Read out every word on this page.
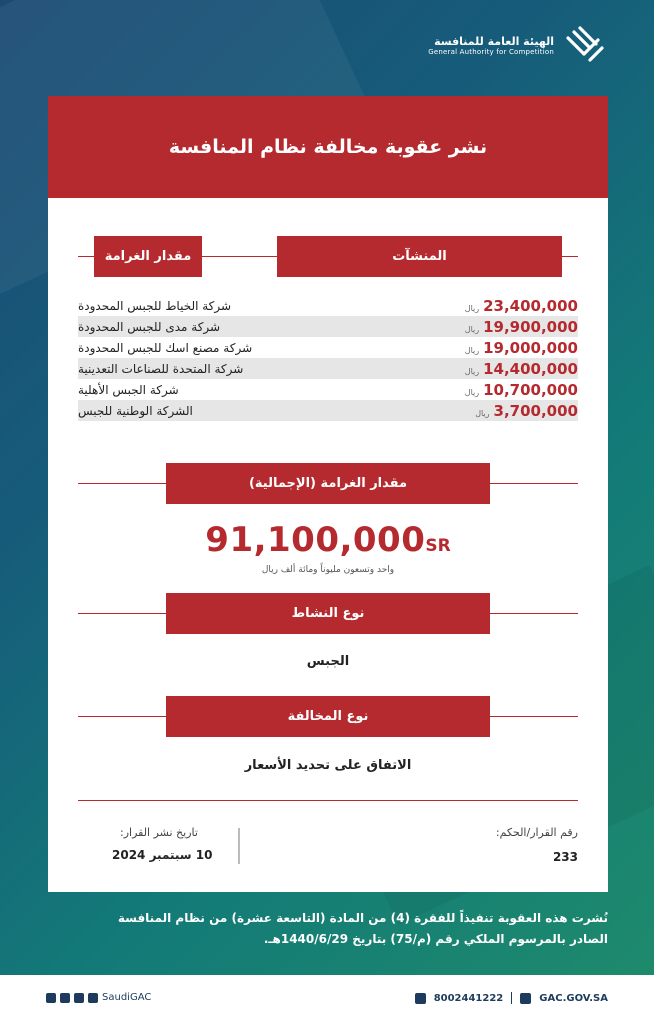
الهيئة العامة للمنافسة
General Authority for Competition
نشر عقوبة مخالفة نظام المنافسة
المنشآت
مقدار الغرامة
شركة الخياط للجبس المحدودة	ريال 23,400,000
شركة مدى للجبس المحدودة	ريال 19,900,000
شركة مصنع اسك للجبس المحدودة	ريال 19,000,000
شركة المتحدة للصناعات التعدينية	ريال 14,400,000
شركة الجبس الأهلية	ريال 10,700,000
الشركة الوطنية للجبس	ريال 3,700,000
مقدار الغرامة (الإجمالية)
91,100,000SR
واحد وتسعون مليوناً ومائة ألف ريال
نوع النشاط
الجبس
نوع المخالفة
الاتفاق على تحديد الأسعار
رقم القرار/الحكم:
233
تاريخ نشر القرار:
10 سبتمبر 2024
نُشرت هذه العقوبة تنفيذاً للفقرة (4) من المادة (التاسعة عشرة) من نظام المنافسة
الصادر بالمرسوم الملكي رقم (م/75) بتاريخ 1440/6/29هـ.
SaudiGAC	8002441222	GAC.GOV.SA
